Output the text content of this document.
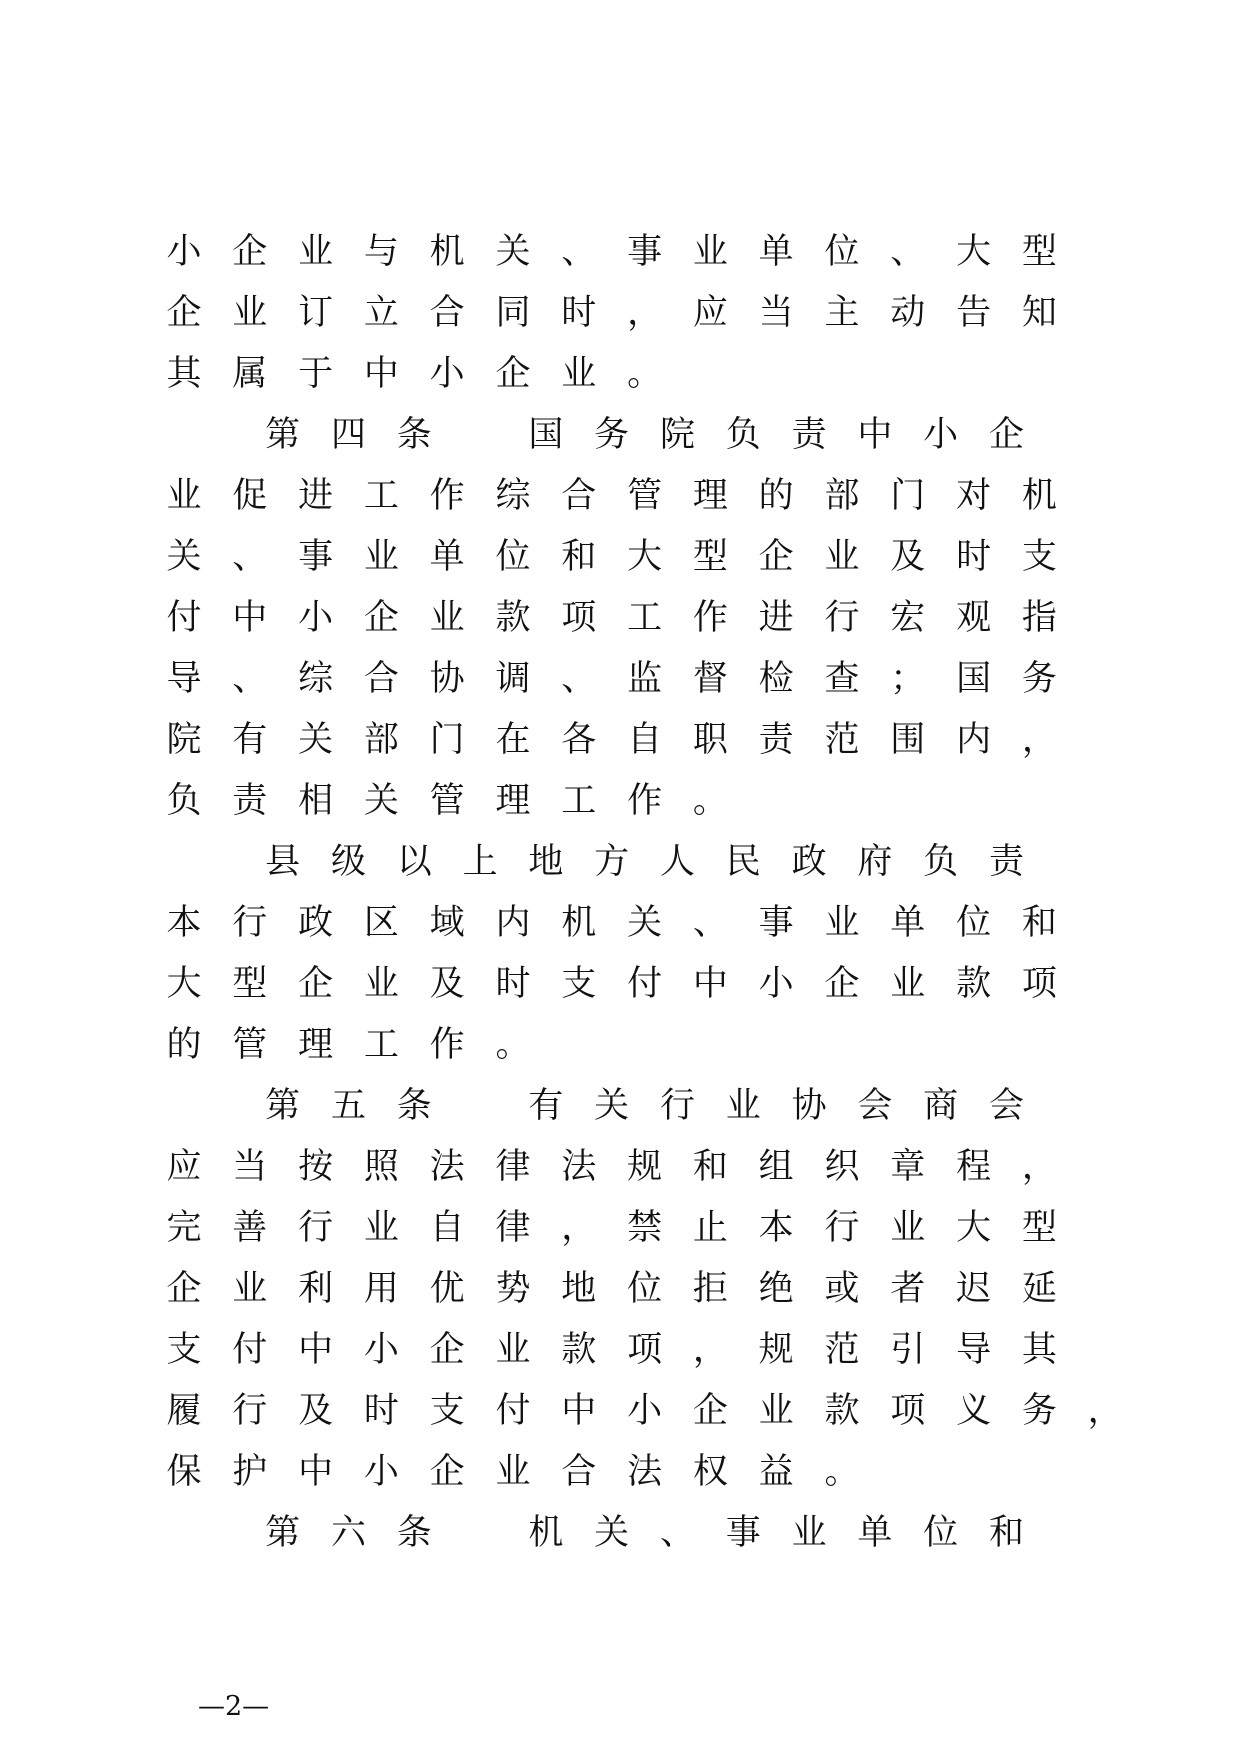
小 企 业 与 机 关 、 事 业 单 位 、 大 型
企 业 订 立 合 同 时 ， 应 当 主 动 告 知
其 属 于 中 小 企 业 。
第 四 条
　	国 务 院 负 责 中 小 企
业 促 进 工 作 综 合 管 理 的 部 门 对 机
关 、 事 业 单 位 和 大 型 企 业 及 时 支
付 中 小 企 业 款 项 工 作 进 行 宏 观 指
导 、 综 合 协 调 、 监 督 检 查 ； 国 务
院 有 关 部 门 在 各 自 职 责 范 围 内 ，
负 责 相 关 管 理 工 作 。
县 级 以 上 地 方 人 民 政 府 负 责
本 行 政 区 域 内 机 关 、 事 业 单 位 和
大 型 企 业 及 时 支 付 中 小 企 业 款 项
的 管 理 工 作 。
第 五 条
　	有 关 行 业 协 会 商 会
应 当 按 照 法 律 法 规 和 组 织 章 程 ，
完 善 行 业 自 律 ， 禁 止 本 行 业 大 型
企 业 利 用 优 势 地 位 拒 绝 或 者 迟 延
支 付 中 小 企 业 款 项 ， 规 范 引 导 其
履 行 及 时 支 付 中 小 企 业 款 项 义 务 ，
保 护 中 小 企 业 合 法 权 益 。
第 六 条
　	机 关 、 事 业 单 位 和
—2—
